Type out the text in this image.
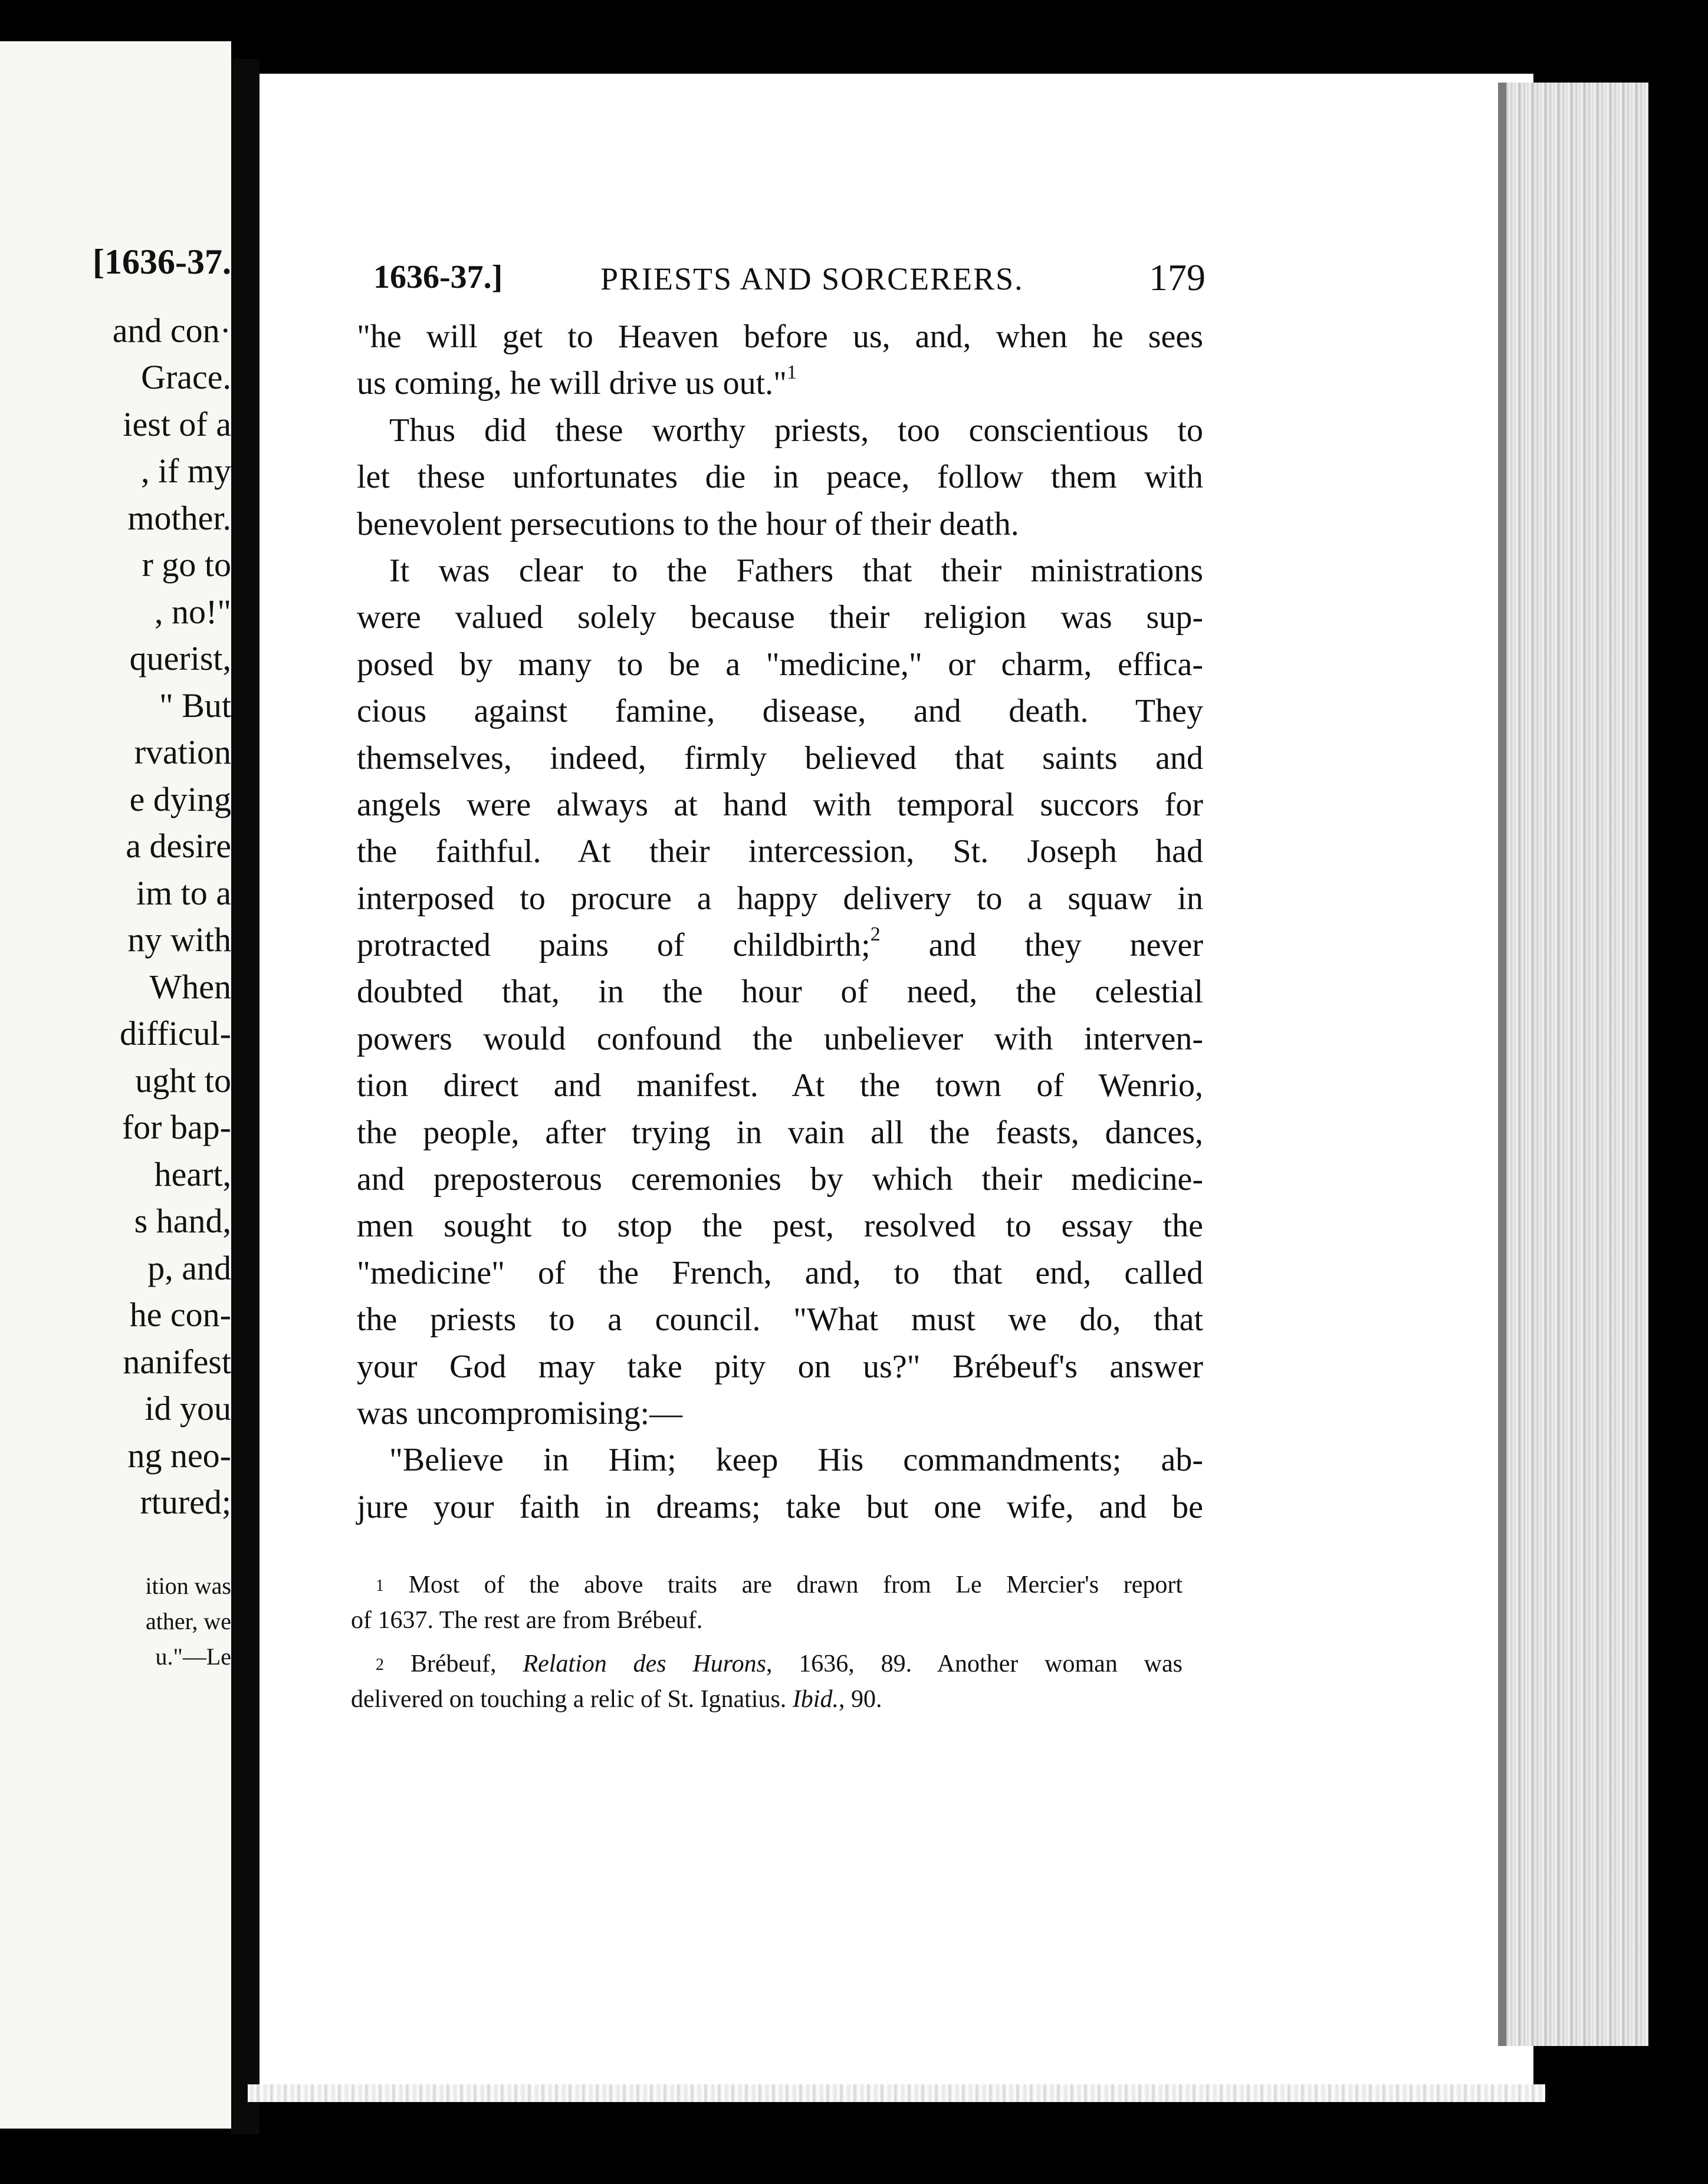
[1636-37.
and con·
Grace.
iest of a
, if my
mother.
r go to
, no!"
querist,
" But
rvation
e dying
a desire
im to a
ny with
When
difficul-
ught to
for bap-
heart,
s hand,
p, and
he con-
nanifest
id you
ng neo-
rtured;
ition was
ather, we
u."—Le
1636-37.]	PRIESTS AND SORCERERS.	179
"he will get to Heaven before us, and, when he sees
us coming, he will drive us out."$^1$
Thus did these worthy priests, too conscientious to
let these unfortunates die in peace, follow them with
benevolent persecutions to the hour of their death.
It was clear to the Fathers that their ministrations
were valued solely because their religion was sup-
posed by many to be a "medicine," or charm, effica-
cious against famine, disease, and death. They
themselves, indeed, firmly believed that saints and
angels were always at hand with temporal succors for
the faithful. At their intercession, St. Joseph had
interposed to procure a happy delivery to a squaw in
protracted pains of childbirth;$^2$ and they never
doubted that, in the hour of need, the celestial
powers would confound the unbeliever with interven-
tion direct and manifest. At the town of Wenrio,
the people, after trying in vain all the feasts, dances,
and preposterous ceremonies by which their medicine-
men sought to stop the pest, resolved to essay the
"medicine" of the French, and, to that end, called
the priests to a council. "What must we do, that
your God may take pity on us?" Brébeuf's answer
was uncompromising:—
"Believe in Him; keep His commandments; ab-
jure your faith in dreams; take but one wife, and be
$^1$ Most of the above traits are drawn from Le Mercier's report
of 1637. The rest are from Brébeuf.
$^2$ Brébeuf, Relation des Hurons, 1636, 89. Another woman was
delivered on touching a relic of St. Ignatius. Ibid., 90.
